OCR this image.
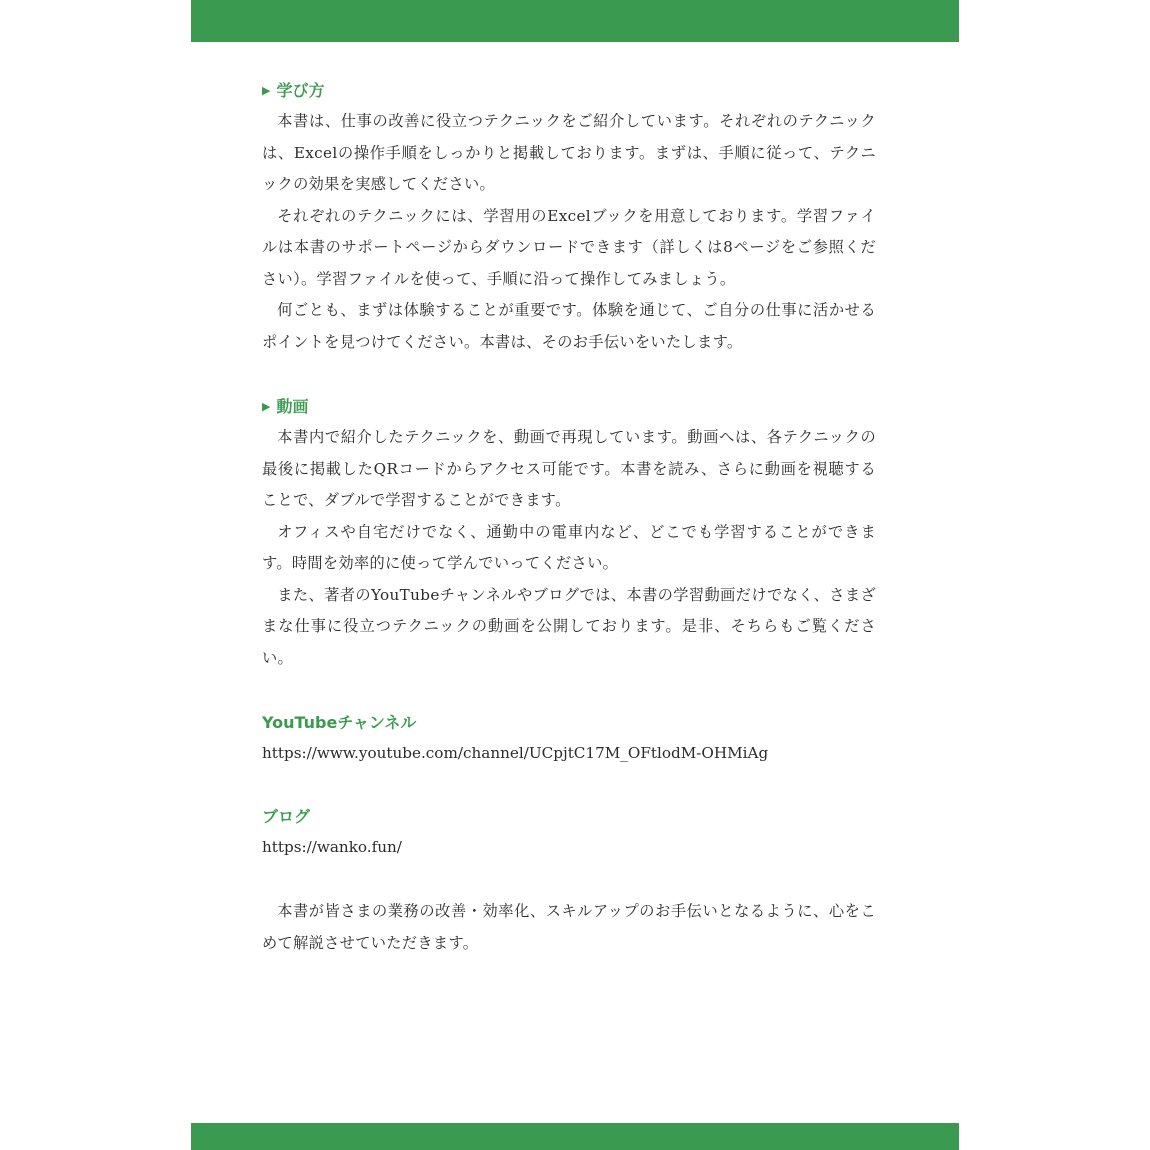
▶ 学び方

本書は、仕事の改善に役立つテクニックをご紹介しています。それぞれのテクニックは、Excelの操作手順をしっかりと掲載しております。まずは、手順に従って、テクニックの効果を実感してください。

それぞれのテクニックには、学習用のExcelブックを用意しております。学習ファイルは本書のサポートページからダウンロードできます（詳しくは8ページをご参照ください）。学習ファイルを使って、手順に沿って操作してみましょう。

何ごとも、まずは体験することが重要です。体験を通じて、ご自分の仕事に活かせるポイントを見つけてください。本書は、そのお手伝いをいたします。

▶ 動画

本書内で紹介したテクニックを、動画で再現しています。動画へは、各テクニックの最後に掲載したQRコードからアクセス可能です。本書を読み、さらに動画を視聴することで、ダブルで学習することができます。

オフィスや自宅だけでなく、通勤中の電車内など、どこでも学習することができます。時間を効率的に使って学んでいってください。

また、著者のYouTubeチャンネルやブログでは、本書の学習動画だけでなく、さまざまな仕事に役立つテクニックの動画を公開しております。是非、そちらもご覧ください。

YouTubeチャンネル
https://www.youtube.com/channel/UCpjtC17M_OFtlodM-OHMiAg
ブログ
https://wanko.fun/

本書が皆さまの業務の改善・効率化、スキルアップのお手伝いとなるように、心をこめて解説させていただきます。
